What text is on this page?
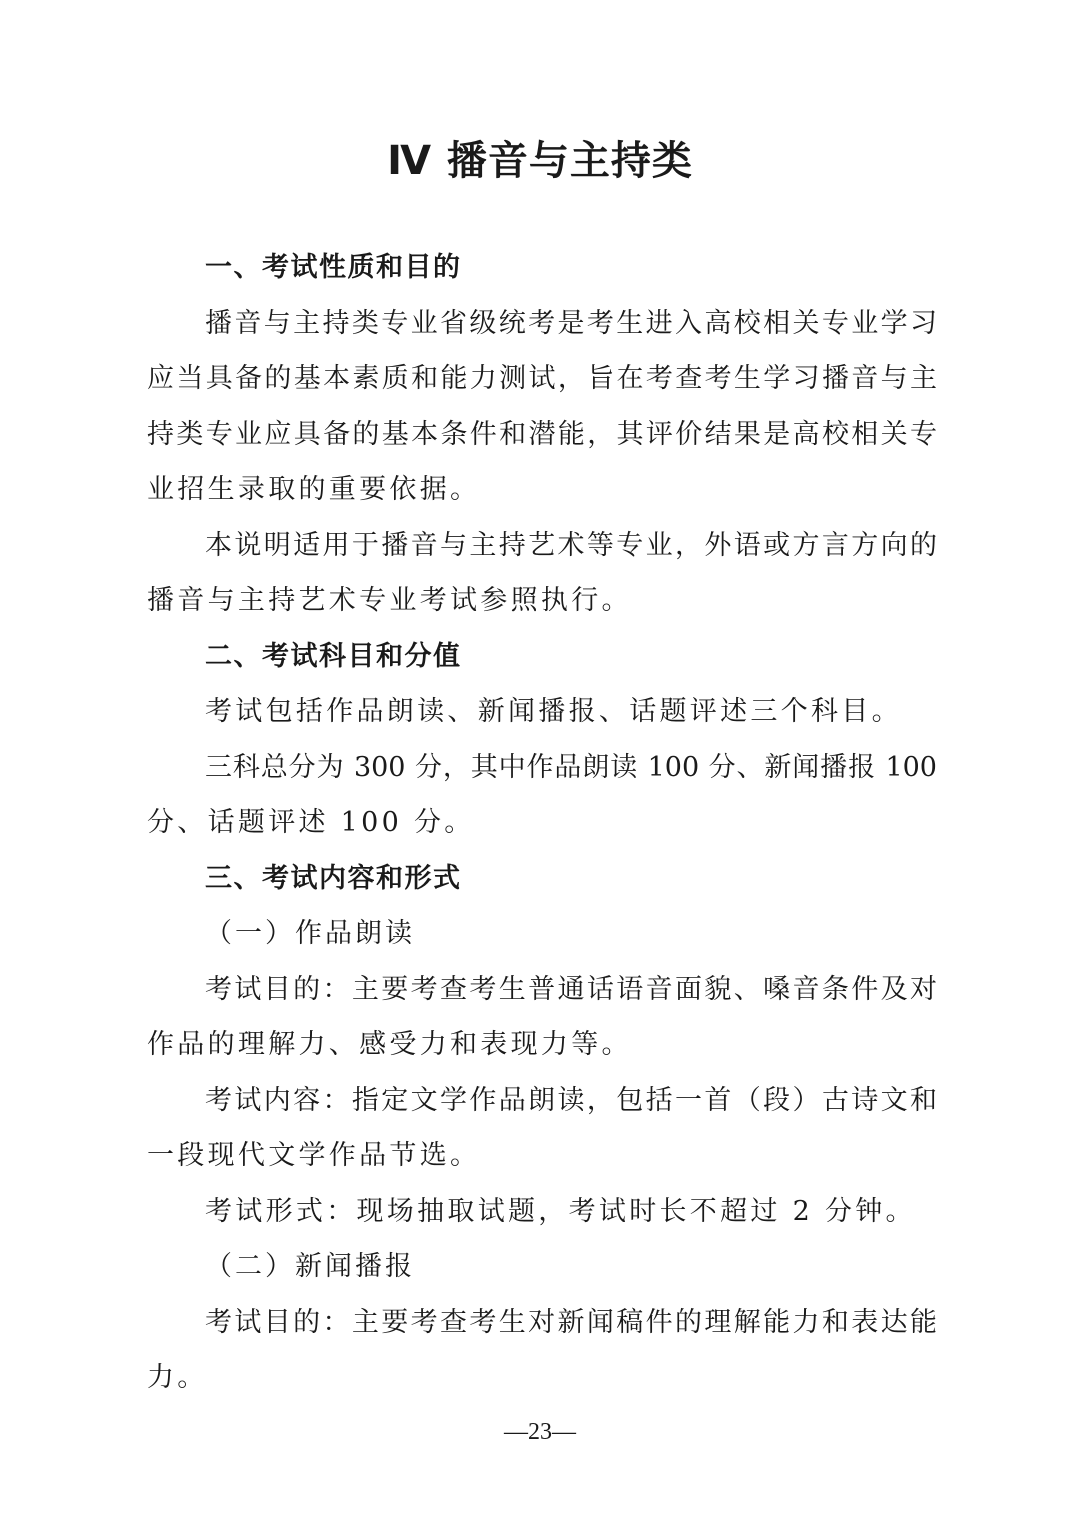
Ⅳ 播音与主持类
一、考试性质和目的
播音与主持类专业省级统考是考生进入高校相关专业学习
应当具备的基本素质和能力测试，旨在考查考生学习播音与主
持类专业应具备的基本条件和潜能，其评价结果是高校相关专
业招生录取的重要依据。
本说明适用于播音与主持艺术等专业，外语或方言方向的
播音与主持艺术专业考试参照执行。
二、考试科目和分值
考试包括作品朗读、新闻播报、话题评述三个科目。
三科总分为 300 分，其中作品朗读 100 分、新闻播报 100
分、话题评述 100 分。
三、考试内容和形式
（一）作品朗读
考试目的：主要考查考生普通话语音面貌、嗓音条件及对
作品的理解力、感受力和表现力等。
考试内容：指定文学作品朗读，包括一首（段）古诗文和
一段现代文学作品节选。
考试形式：现场抽取试题，考试时长不超过 2 分钟。
（二）新闻播报
考试目的：主要考查考生对新闻稿件的理解能力和表达能
力。
—23—
